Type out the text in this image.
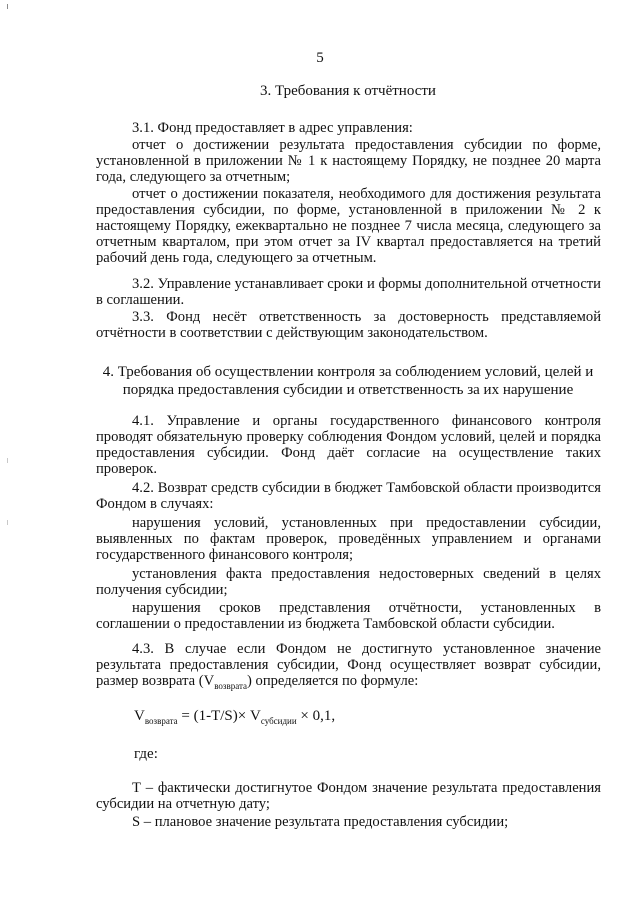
5
3. Требования к отчётности
3.1. Фонд предоставляет в адрес управления:
отчет о достижении результата предоставления субсидии по форме, установленной в приложении № 1 к настоящему Порядку, не позднее 20 марта года, следующего за отчетным;
отчет о достижении показателя, необходимого для достижения результата предоставления субсидии, по форме, установленной в приложении № 2 к настоящему Порядку, ежеквартально не позднее 7 числа месяца, следующего за отчетным кварталом, при этом отчет за IV квартал предоставляется на третий рабочий день года, следующего за отчетным.
3.2. Управление устанавливает сроки и формы дополнительной отчетности в соглашении.
3.3. Фонд несёт ответственность за достоверность представляемой отчётности в соответствии с действующим законодательством.
4. Требования об осуществлении контроля за соблюдением условий, целей и
порядка предоставления субсидии и ответственность за их нарушение
4.1. Управление и органы государственного финансового контроля проводят обязательную проверку соблюдения Фондом условий, целей и порядка предоставления субсидии. Фонд даёт согласие на осуществление таких проверок.
4.2. Возврат средств субсидии в бюджет Тамбовской области производится Фондом в случаях:
нарушения условий, установленных при предоставлении субсидии, выявленных по фактам проверок, проведённых управлением и органами государственного финансового контроля;
установления факта предоставления недостоверных сведений в целях получения субсидии;
нарушения сроков представления отчётности, установленных в соглашении о предоставлении из бюджета Тамбовской области субсидии.
4.3. В случае если Фондом не достигнуто установленное значение результата предоставления субсидии, Фонд осуществляет возврат субсидии, размер возврата $(V_{возврата})$ определяется по формуле:
$V_{возврата} = (1-T/S)\times V_{субсидии} \times 0,1$,
где:
Т – фактически достигнутое Фондом значение результата предоставления субсидии на отчетную дату;
S – плановое значение результата предоставления субсидии;
